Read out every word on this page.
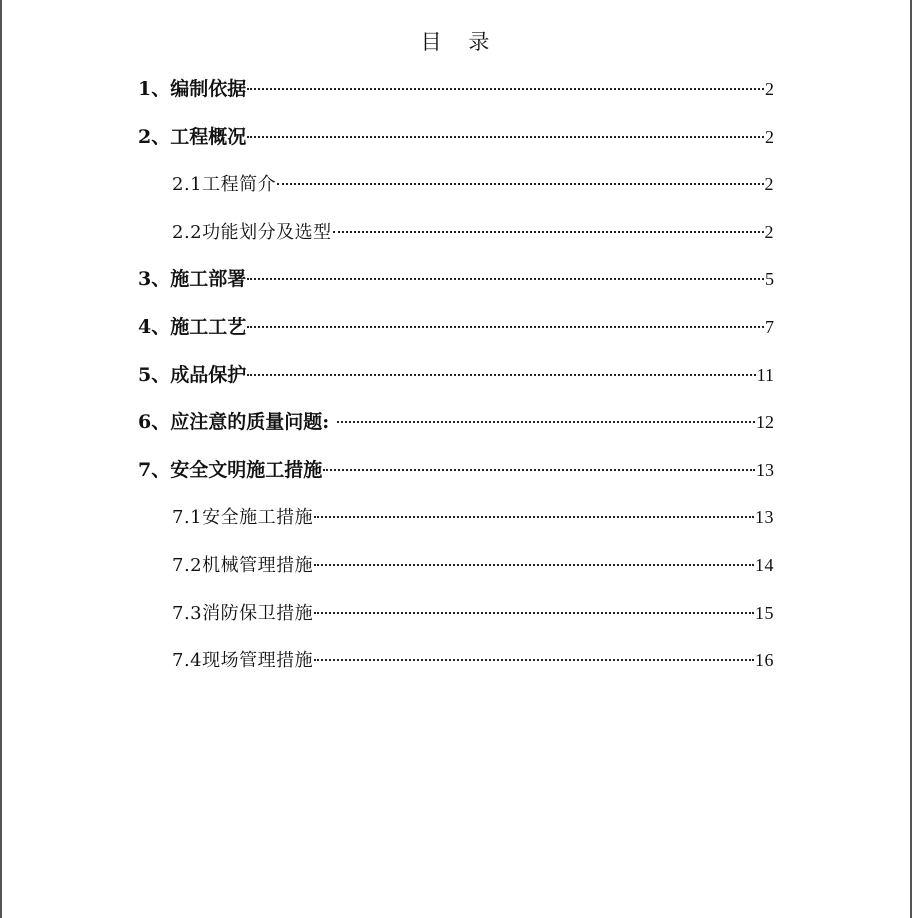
目 录
1、 编制依据	2
2、 工程概况	2
2.1 工程简介	2
2.2 功能划分及选型	2
3、 施工部署	5
4、 施工工艺	7
5、 成品保护	11
6、 应注意的质量问题:	12
7、 安全文明施工措施	13
7.1 安全施工措施	13
7.2 机械管理措施	14
7.3 消防保卫措施	15
7.4 现场管理措施	16
